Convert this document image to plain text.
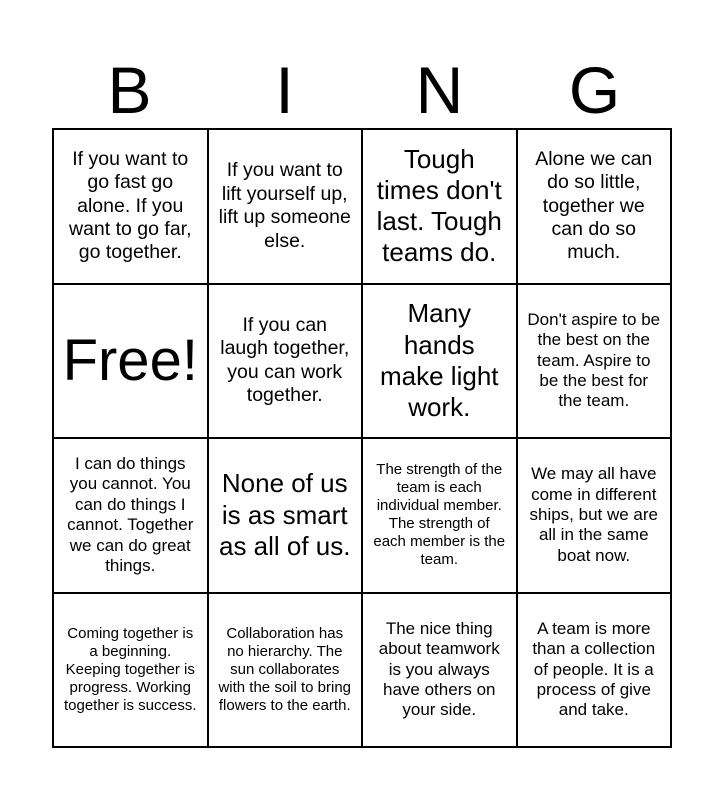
B	I	N	G
If you want to go fast go alone. If you want to go far, go together.
If you want to lift yourself up, lift up someone else.
Tough times don't last. Tough teams do.
Alone we can do so little, together we can do so much.
Free!
If you can laugh together, you can work together.
Many hands make light work.
Don't aspire to be the best on the team. Aspire to be the best for the team.
I can do things you cannot. You can do things I cannot. Together we can do great things.
None of us is as smart as all of us.
The strength of the team is each individual member. The strength of each member is the team.
We may all have come in different ships, but we are all in the same boat now.
Coming together is a beginning. Keeping together is progress. Working together is success.
Collaboration has no hierarchy. The sun collaborates with the soil to bring flowers to the earth.
The nice thing about teamwork is you always have others on your side.
A team is more than a collection of people. It is a process of give and take.
